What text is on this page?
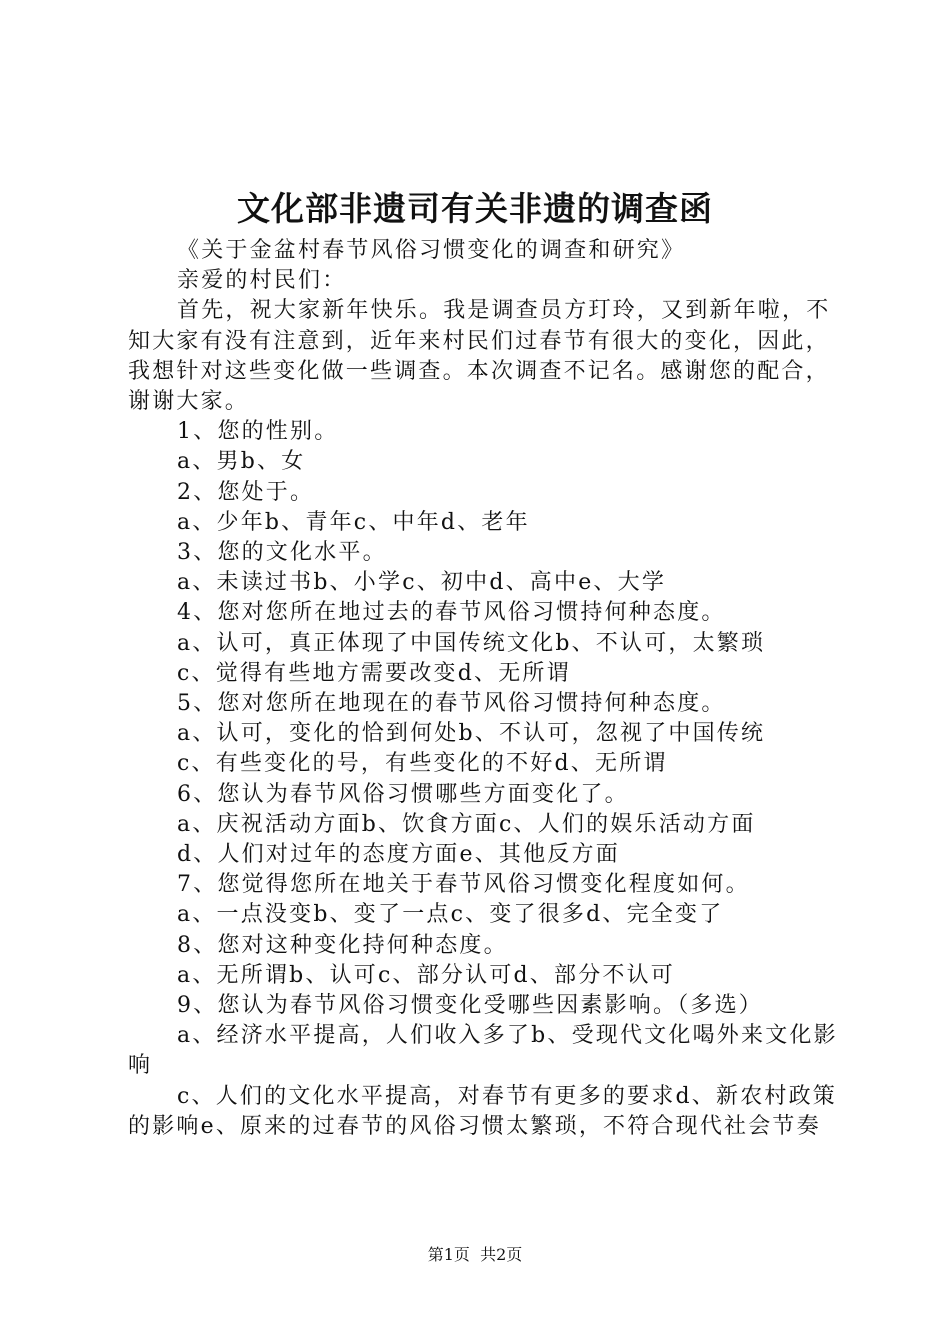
文化部非遗司有关非遗的调查函

《关于金盆村春节风俗习惯变化的调查和研究》

亲爱的村民们：

首先，祝大家新年快乐。我是调查员方玎玲，又到新年啦，不知大家有没有注意到，近年来村民们过春节有很大的变化，因此，我想针对这些变化做一些调查。本次调查不记名。感谢您的配合，谢谢大家。

1、您的性别。

a、男b、女

2、您处于。

a、少年b、青年c、中年d、老年

3、您的文化水平。

a、未读过书b、小学c、初中d、高中e、大学

4、您对您所在地过去的春节风俗习惯持何种态度。

a、认可，真正体现了中国传统文化b、不认可，太繁琐

c、觉得有些地方需要改变d、无所谓

5、您对您所在地现在的春节风俗习惯持何种态度。

a、认可，变化的恰到何处b、不认可，忽视了中国传统

c、有些变化的号，有些变化的不好d、无所谓

6、您认为春节风俗习惯哪些方面变化了。

a、庆祝活动方面b、饮食方面c、人们的娱乐活动方面

d、人们对过年的态度方面e、其他反方面

7、您觉得您所在地关于春节风俗习惯变化程度如何。

a、一点没变b、变了一点c、变了很多d、完全变了

8、您对这种变化持何种态度。

a、无所谓b、认可c、部分认可d、部分不认可

9、您认为春节风俗习惯变化受哪些因素影响。（多选）

a、经济水平提高，人们收入多了b、受现代文化喝外来文化影响

c、人们的文化水平提高，对春节有更多的要求d、新农村政策的影响e、原来的过春节的风俗习惯太繁琐，不符合现代社会节奏

第1页  共2页
